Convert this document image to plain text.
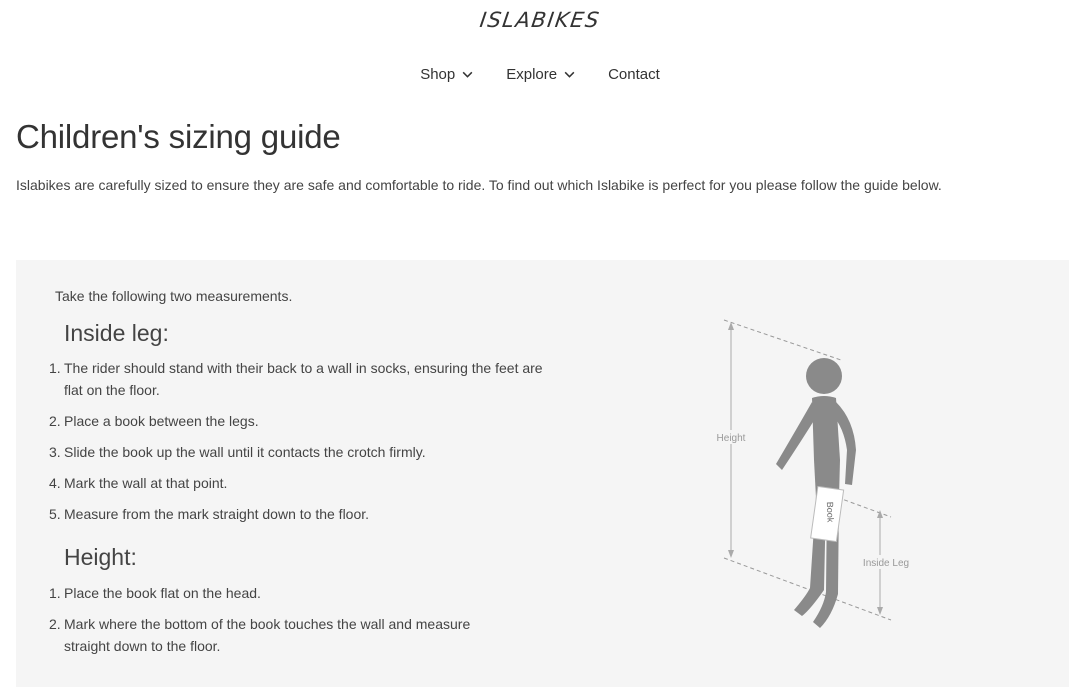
ISLABIKES
Shop	Explore	Contact
Children's sizing guide

Islabikes are carefully sized to ensure they are safe and comfortable to ride. To find out which Islabike is perfect for you please follow the guide below.

Take the following two measurements.

Inside leg:
1. The rider should stand with their back to a wall in socks, ensuring the feet are flat on the floor.
2. Place a book between the legs.
3. Slide the book up the wall until it contacts the crotch firmly.
4. Mark the wall at that point.
5. Measure from the mark straight down to the floor.
Height:
1. Place the book flat on the head.
2. Mark where the bottom of the book touches the wall and measure straight down to the floor.
Height
Inside Leg
Book
